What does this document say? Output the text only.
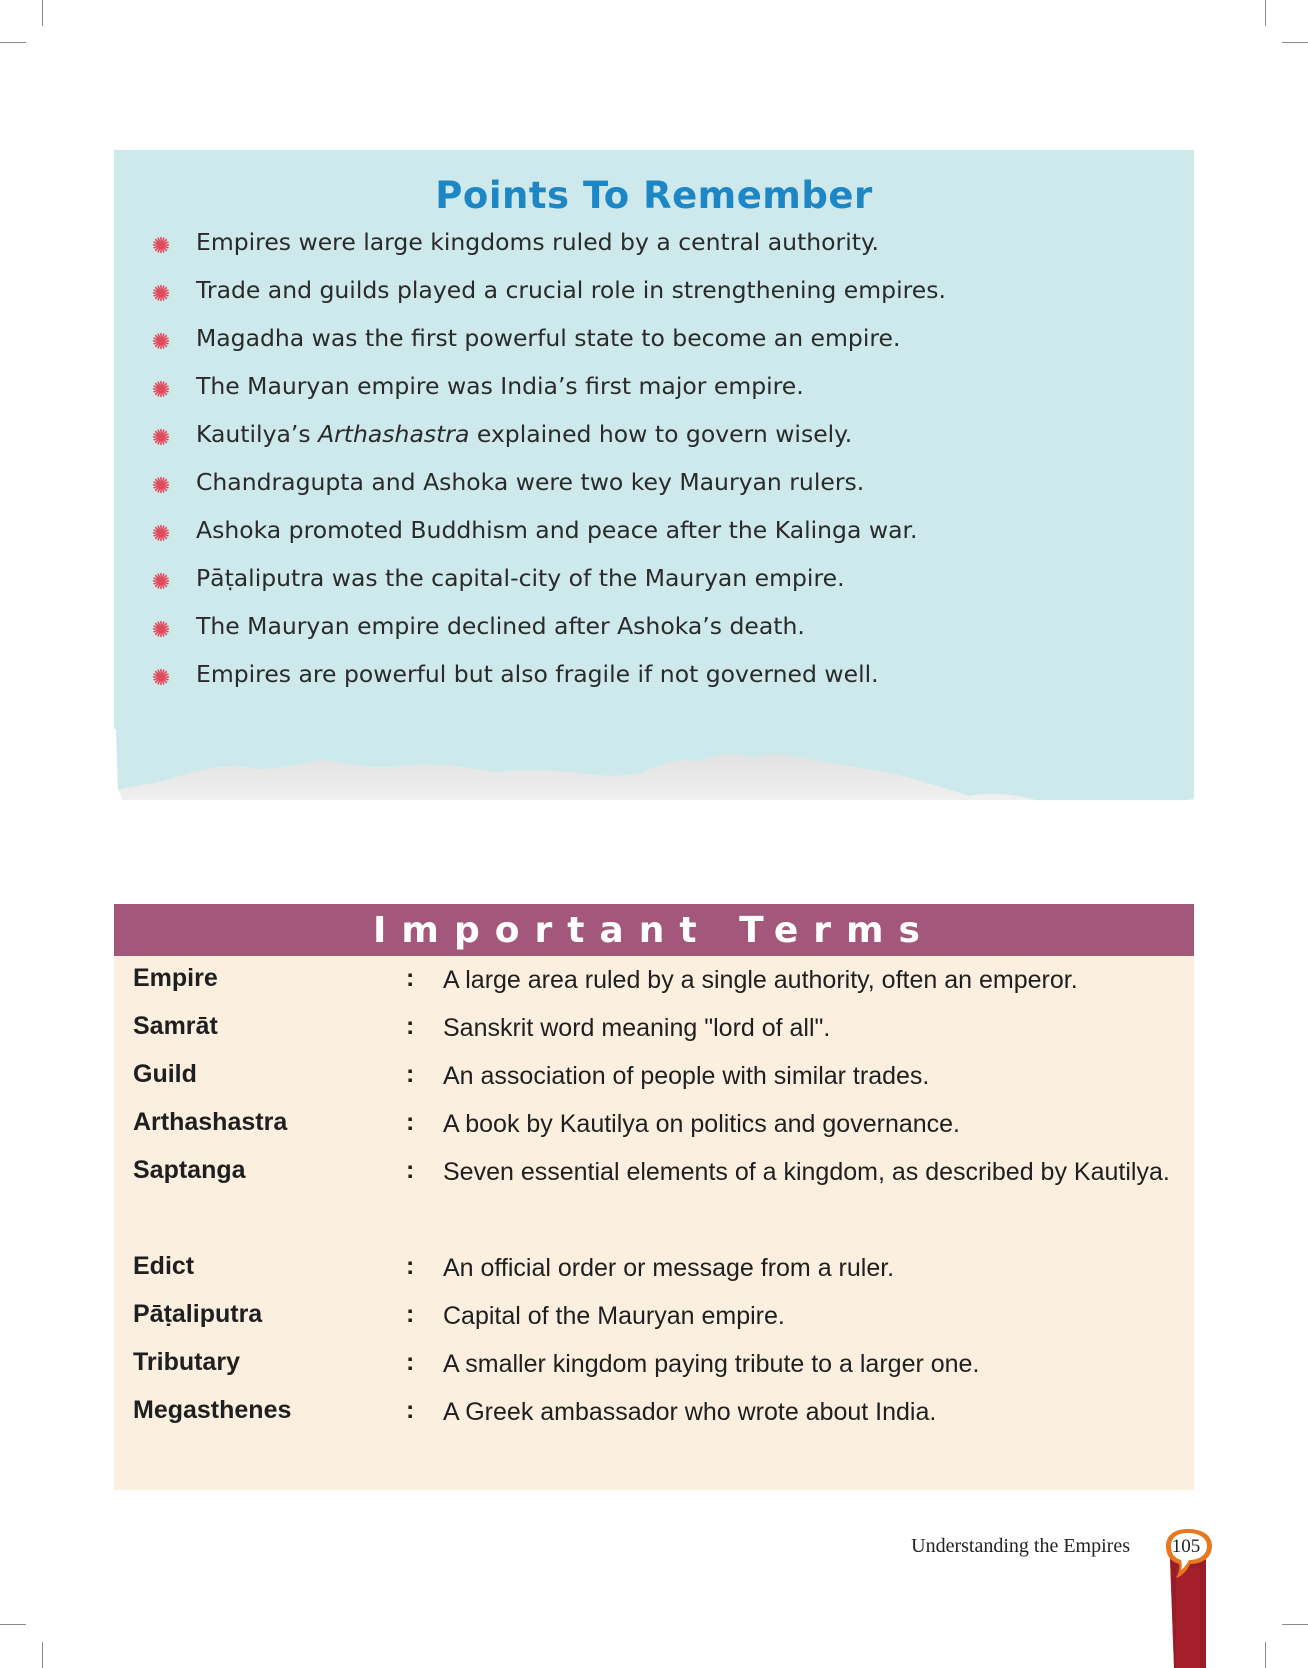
Points To Remember
Empires were large kingdoms ruled by a central authority.
Trade and guilds played a crucial role in strengthening empires.
Magadha was the first powerful state to become an empire.
The Mauryan empire was India’s first major empire.
Kautilya’s Arthashastra explained how to govern wisely.
Chandragupta and Ashoka were two key Mauryan rulers.
Ashoka promoted Buddhism and peace after the Kalinga war.
Pāṭaliputra was the capital-city of the Mauryan empire.
The Mauryan empire declined after Ashoka’s death.
Empires are powerful but also fragile if not governed well.
Important Terms
Empire	: A large area ruled by a single authority, often an emperor.
Samrāt	: Sanskrit word meaning "lord of all".
Guild	: An association of people with similar trades.
Arthashastra	: A book by Kautilya on politics and governance.
Saptanga	: Seven essential elements of a kingdom, as described by Kautilya.
Edict	: An official order or message from a ruler.
Pāṭaliputra	: Capital of the Mauryan empire.
Tributary	: A smaller kingdom paying tribute to a larger one.
Megasthenes	: A Greek ambassador who wrote about India.
Understanding the Empires	105
